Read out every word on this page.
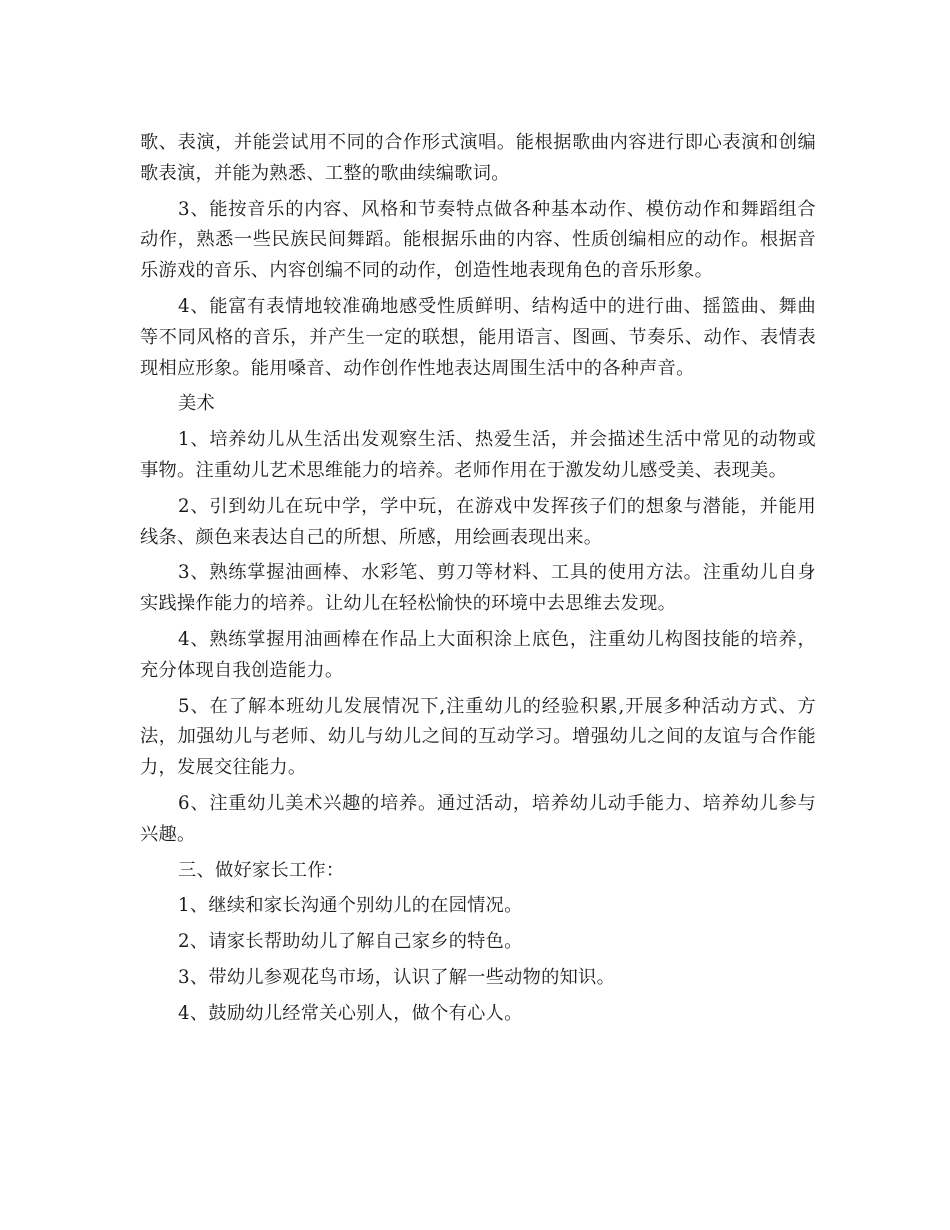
歌、表演，并能尝试用不同的合作形式演唱。能根据歌曲内容进行即心表演和创编歌表演，并能为熟悉、工整的歌曲续编歌词。

3、能按音乐的内容、风格和节奏特点做各种基本动作、模仿动作和舞蹈组合动作，熟悉一些民族民间舞蹈。能根据乐曲的内容、性质创编相应的动作。根据音乐游戏的音乐、内容创编不同的动作，创造性地表现角色的音乐形象。

4、能富有表情地较准确地感受性质鲜明、结构适中的进行曲、摇篮曲、舞曲等不同风格的音乐，并产生一定的联想，能用语言、图画、节奏乐、动作、表情表现相应形象。能用嗓音、动作创作性地表达周围生活中的各种声音。

美术

1、培养幼儿从生活出发观察生活、热爱生活，并会描述生活中常见的动物或事物。注重幼儿艺术思维能力的培养。老师作用在于激发幼儿感受美、表现美。

2、引到幼儿在玩中学，学中玩，在游戏中发挥孩子们的想象与潜能，并能用线条、颜色来表达自己的所想、所感，用绘画表现出来。

3、熟练掌握油画棒、水彩笔、剪刀等材料、工具的使用方法。注重幼儿自身实践操作能力的培养。让幼儿在轻松愉快的环境中去思维去发现。

4、熟练掌握用油画棒在作品上大面积涂上底色，注重幼儿构图技能的培养，充分体现自我创造能力。

5、在了解本班幼儿发展情况下,注重幼儿的经验积累,开展多种活动方式、方法，加强幼儿与老师、幼儿与幼儿之间的互动学习。增强幼儿之间的友谊与合作能力，发展交往能力。

6、注重幼儿美术兴趣的培养。通过活动，培养幼儿动手能力、培养幼儿参与兴趣。

三、做好家长工作：

1、继续和家长沟通个别幼儿的在园情况。

2、请家长帮助幼儿了解自己家乡的特色。

3、带幼儿参观花鸟市场，认识了解一些动物的知识。

4、鼓励幼儿经常关心别人，做个有心人。
